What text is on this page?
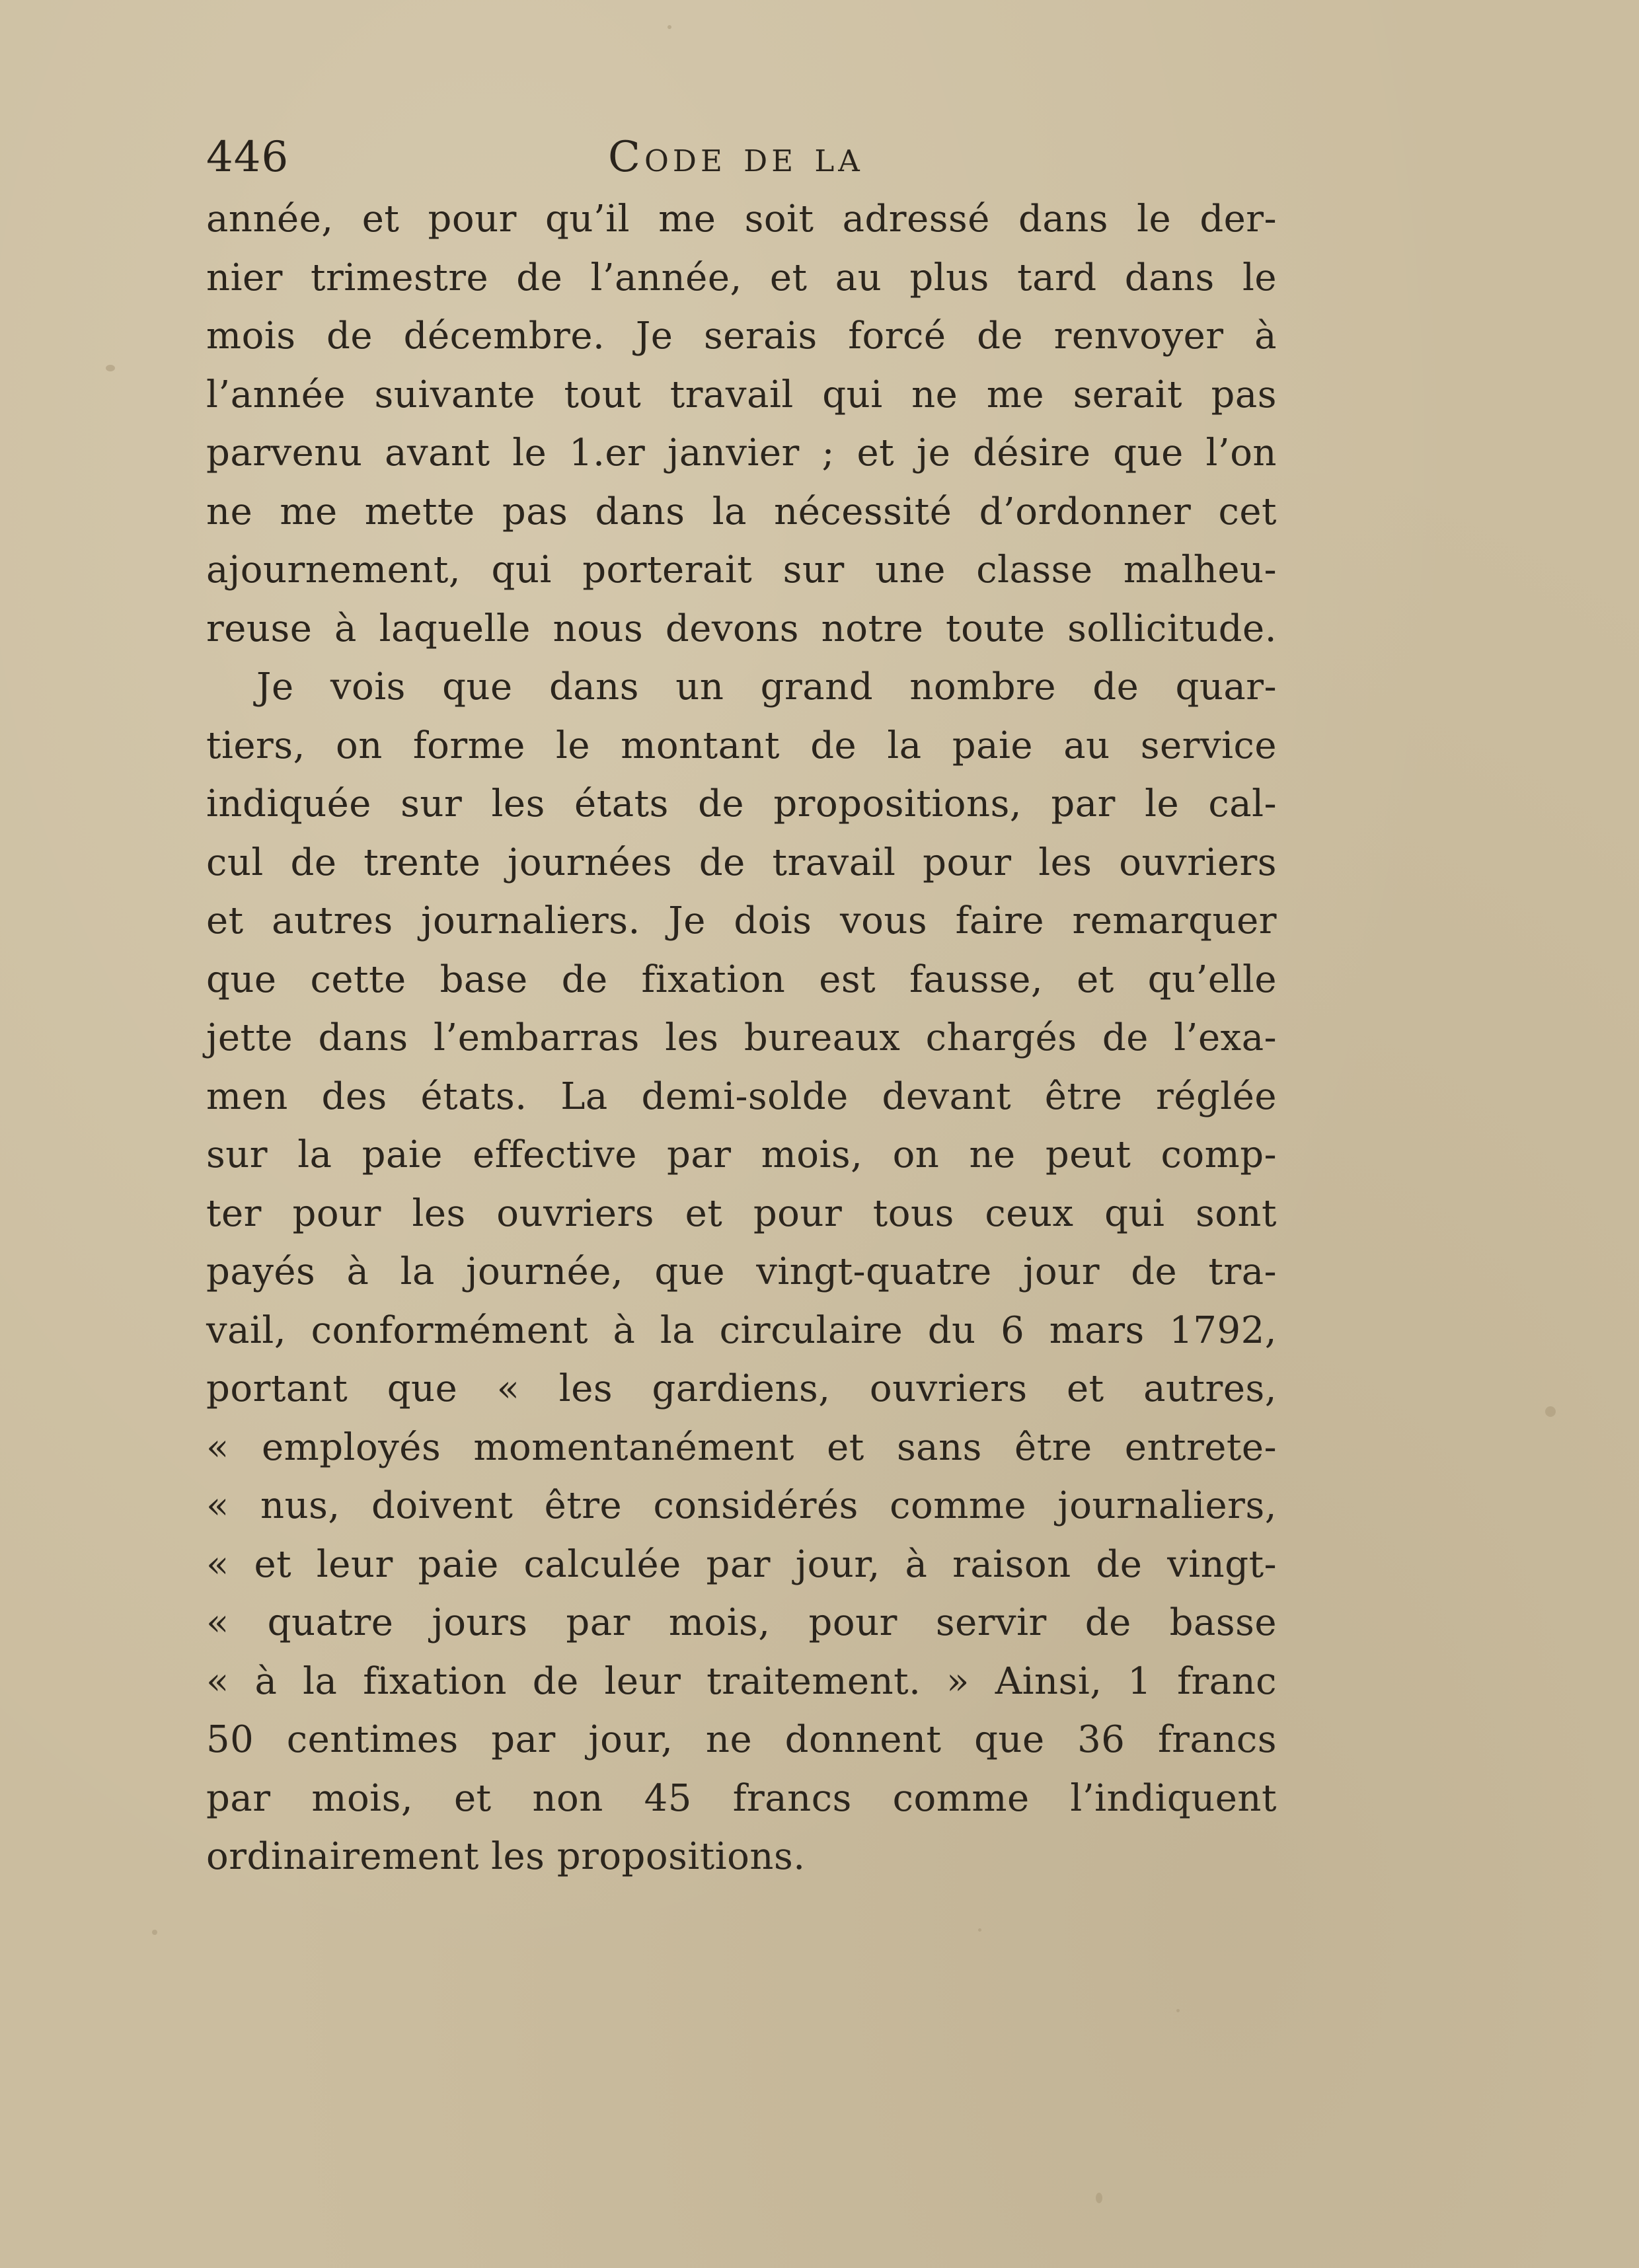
446	Code de la
année, et pour qu’il me soit adressé dans le der-
nier trimestre de l’année, et au plus tard dans le
mois de décembre. Je serais forcé de renvoyer à
l’année suivante tout travail qui ne me serait pas
parvenu avant le 1.er janvier ; et je désire que l’on
ne me mette pas dans la nécessité d’ordonner cet
ajournement, qui porterait sur une classe malheu-
reuse à laquelle nous devons notre toute sollicitude.
Je vois que dans un grand nombre de quar-
tiers, on forme le montant de la paie au service
indiquée sur les états de propositions, par le cal-
cul de trente journées de travail pour les ouvriers
et autres journaliers. Je dois vous faire remarquer
que cette base de fixation est fausse, et qu’elle
jette dans l’embarras les bureaux chargés de l’exa-
men des états. La demi-solde devant être réglée
sur la paie effective par mois, on ne peut comp-
ter pour les ouvriers et pour tous ceux qui sont
payés à la journée, que vingt-quatre jour de tra-
vail, conformément à la circulaire du 6 mars 1792,
portant que « les gardiens, ouvriers et autres,
« employés momentanément et sans être entrete-
« nus, doivent être considérés comme journaliers,
« et leur paie calculée par jour, à raison de vingt-
« quatre jours par mois, pour servir de basse
« à la fixation de leur traitement. » Ainsi, 1 franc
50 centimes par jour, ne donnent que 36 francs
par mois, et non 45 francs comme l’indiquent
ordinairement les propositions.
